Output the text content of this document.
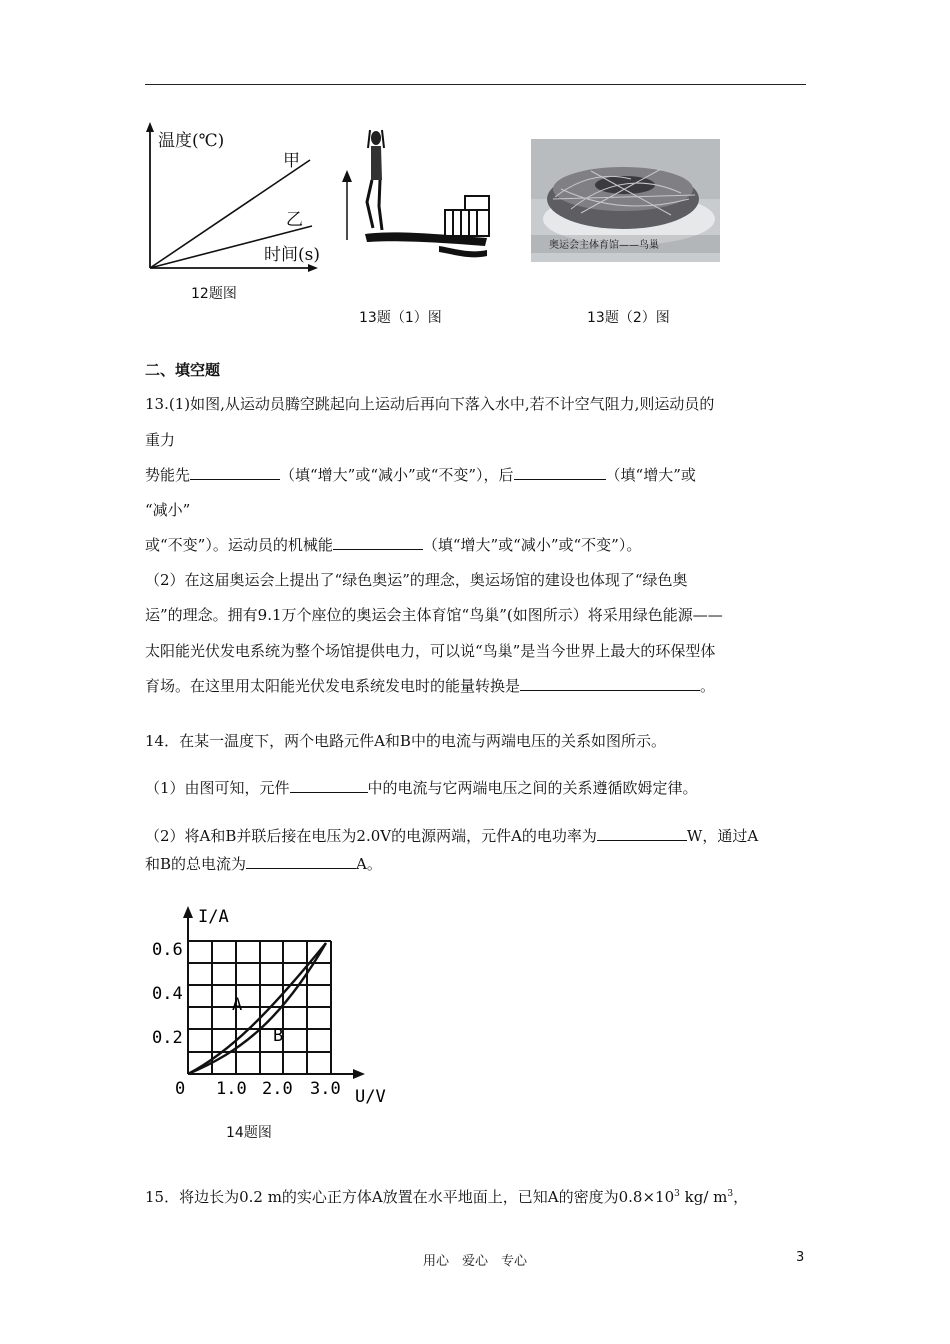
温度(℃)
甲
乙
时间(s)
12题图
13题（1）图
奥运会主体育馆——鸟巢
13题（2）图
二、填空题
13.(1)如图,从运动员腾空跳起向上运动后再向下落入水中,若不计空气阻力,则运动员的
重力
势能先	（填“增大”或“减小”或“不变”），后	（填“增大”或
“减小”
或“不变”）。运动员的机械能	（填“增大”或“减小”或“不变”）。
（2）在这届奥运会上提出了“绿色奥运”的理念，奥运场馆的建设也体现了“绿色奥
运”的理念。拥有9.1万个座位的奥运会主体育馆“鸟巢”(如图所示）将采用绿色能源——
太阳能光伏发电系统为整个场馆提供电力，可以说“鸟巢”是当今世界上最大的环保型体
育场。在这里用太阳能光伏发电系统发电时的能量转换是	。
14．在某一温度下，两个电路元件A和B中的电流与两端电压的关系如图所示。
（1）由图可知，元件	中的电流与它两端电压之间的关系遵循欧姆定律。
（2）将A和B并联后接在电压为2.0V的电源两端，元件A的电功率为	W，通过A
和B的总电流为	A。
I/A
0.6
0.4
0.2
0 1.0 2.0 3.0 U/V
A
B
14题图
15．将边长为0.2 m的实心正方体A放置在水平地面上，已知A的密度为$0.8\times 10^3$ kg/ $m^3$，
用心　爱心　专心	3
